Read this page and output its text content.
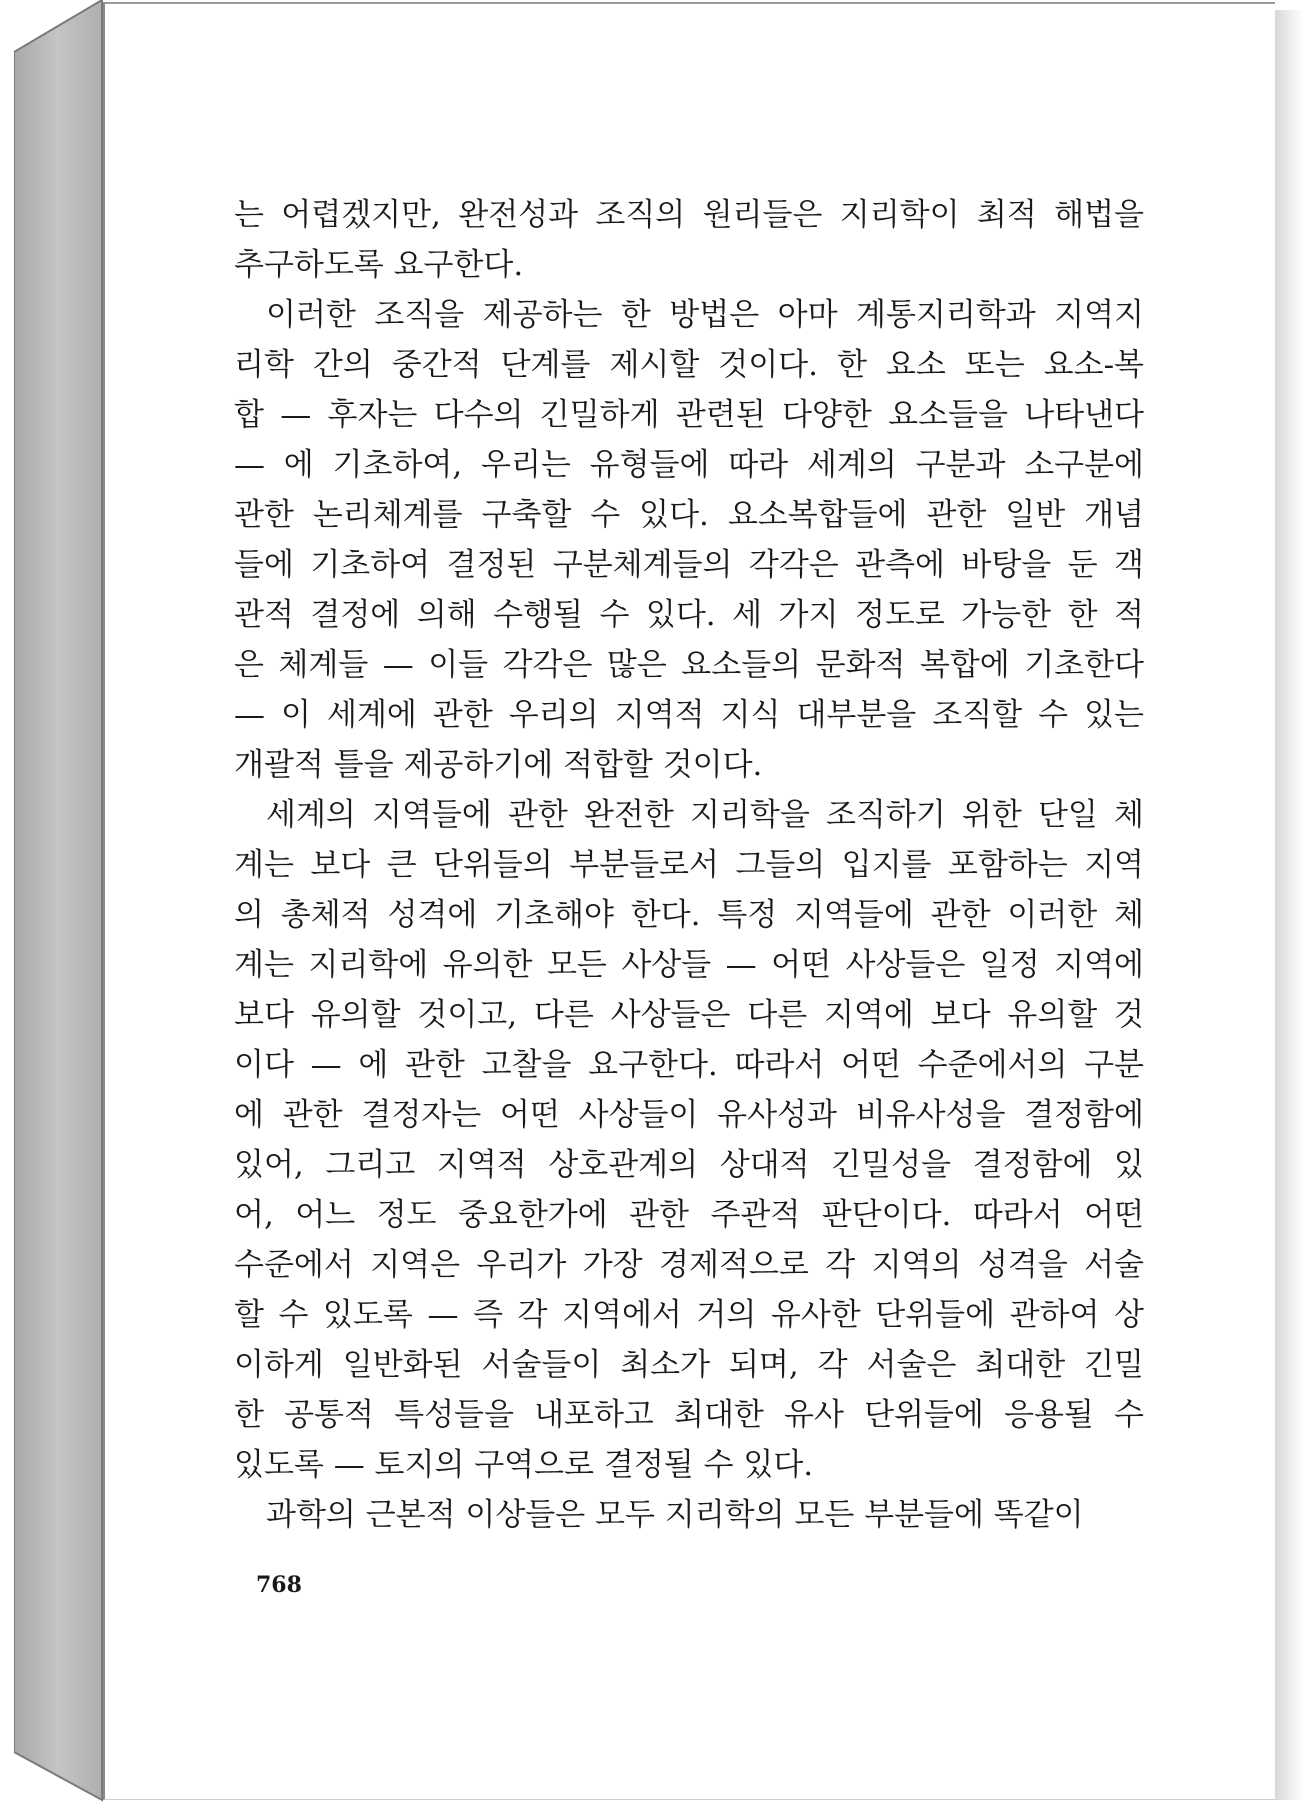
는 어렵겠지만, 완전성과 조직의 원리들은 지리학이 최적 해법을
추구하도록 요구한다.
이러한 조직을 제공하는 한 방법은 아마 계통지리학과 지역지
리학 간의 중간적 단계를 제시할 것이다. 한 요소 또는 요소-복
합 — 후자는 다수의 긴밀하게 관련된 다양한 요소들을 나타낸다
— 에 기초하여, 우리는 유형들에 따라 세계의 구분과 소구분에
관한 논리체계를 구축할 수 있다. 요소복합들에 관한 일반 개념
들에 기초하여 결정된 구분체계들의 각각은 관측에 바탕을 둔 객
관적 결정에 의해 수행될 수 있다. 세 가지 정도로 가능한 한 적
은 체계들 — 이들 각각은 많은 요소들의 문화적 복합에 기초한다
— 이 세계에 관한 우리의 지역적 지식 대부분을 조직할 수 있는
개괄적 틀을 제공하기에 적합할 것이다.
세계의 지역들에 관한 완전한 지리학을 조직하기 위한 단일 체
계는 보다 큰 단위들의 부분들로서 그들의 입지를 포함하는 지역
의 총체적 성격에 기초해야 한다. 특정 지역들에 관한 이러한 체
계는 지리학에 유의한 모든 사상들 — 어떤 사상들은 일정 지역에
보다 유의할 것이고, 다른 사상들은 다른 지역에 보다 유의할 것
이다 — 에 관한 고찰을 요구한다. 따라서 어떤 수준에서의 구분
에 관한 결정자는 어떤 사상들이 유사성과 비유사성을 결정함에
있어, 그리고 지역적 상호관계의 상대적 긴밀성을 결정함에 있
어, 어느 정도 중요한가에 관한 주관적 판단이다. 따라서 어떤
수준에서 지역은 우리가 가장 경제적으로 각 지역의 성격을 서술
할 수 있도록 — 즉 각 지역에서 거의 유사한 단위들에 관하여 상
이하게 일반화된 서술들이 최소가 되며, 각 서술은 최대한 긴밀
한 공통적 특성들을 내포하고 최대한 유사 단위들에 응용될 수
있도록 — 토지의 구역으로 결정될 수 있다.
과학의 근본적 이상들은 모두 지리학의 모든 부분들에 똑같이
768
